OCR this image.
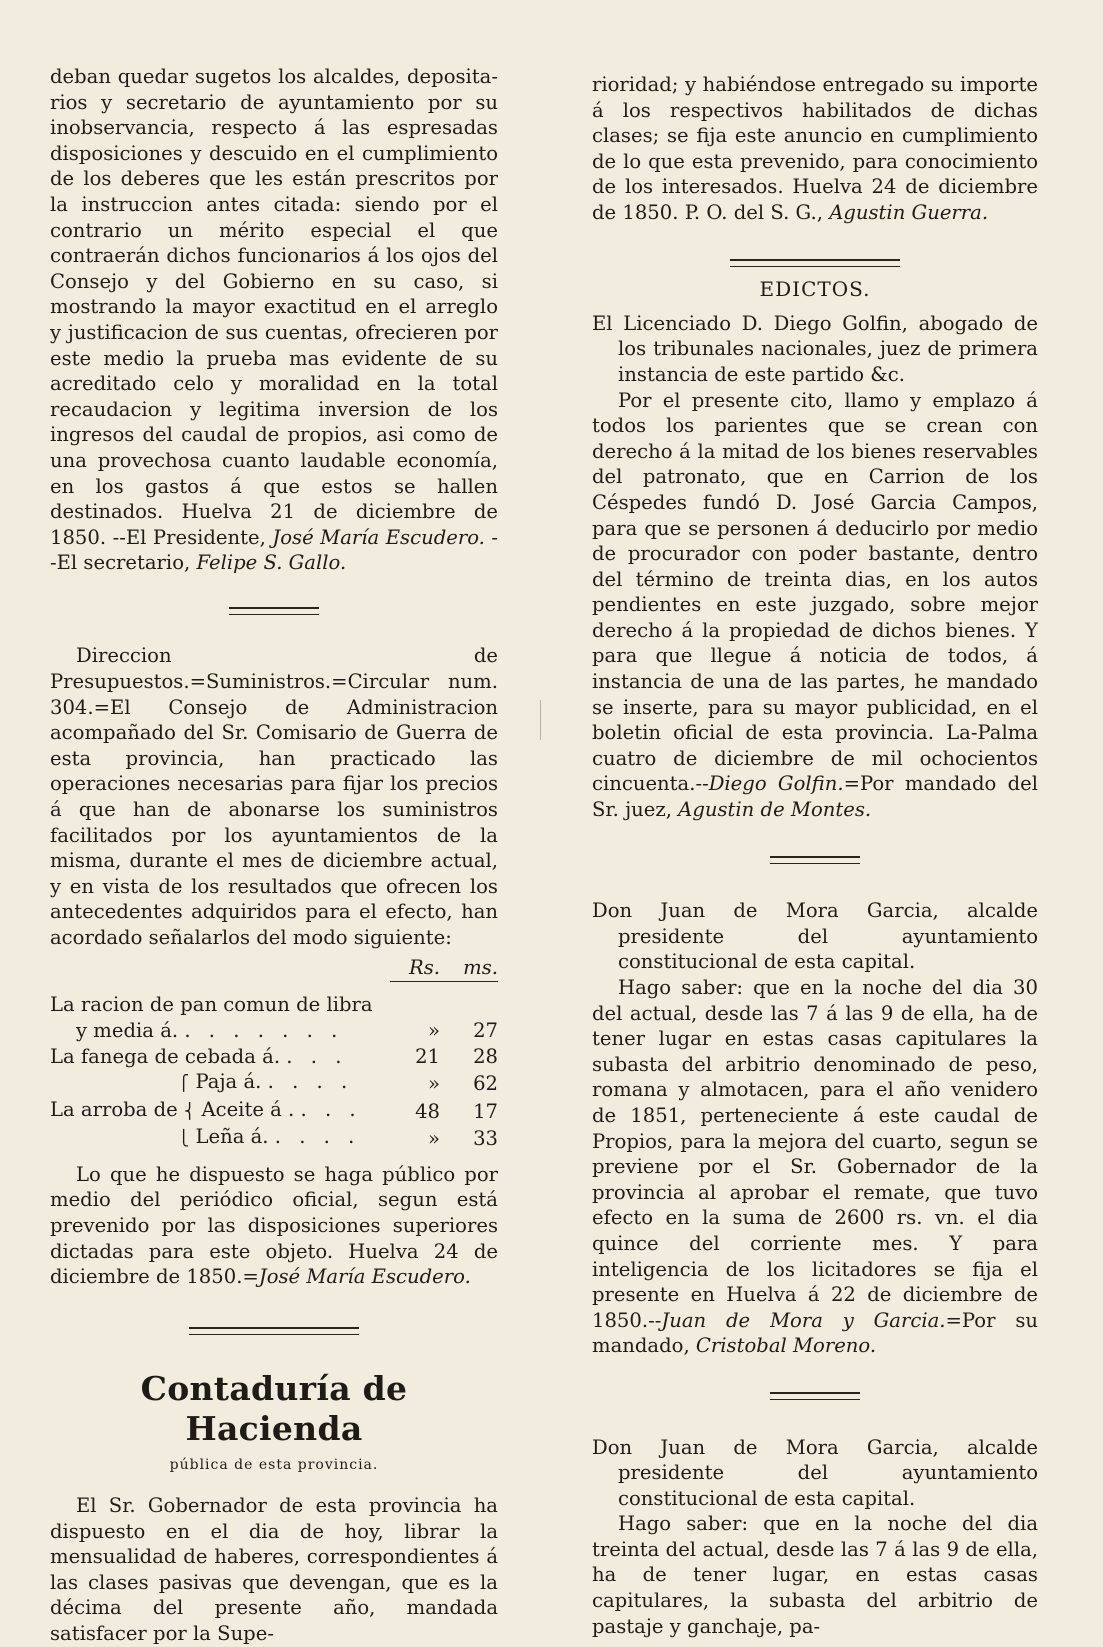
deban quedar sugetos los alcaldes, deposita-rios y secretario de ayuntamiento por su inobservancia, respecto á las espresadas disposiciones y descuido en el cumplimiento de los deberes que les están prescritos por la instruccion antes citada: siendo por el contrario un mérito especial el que contraerán dichos funcionarios á los ojos del Consejo y del Gobierno en su caso, si mostrando la mayor exactitud en el arreglo y justificacion de sus cuentas, ofrecieren por este medio la prueba mas evidente de su acreditado celo y moralidad en la total recaudacion y legitima inversion de los ingresos del caudal de propios, asi como de una provechosa cuanto laudable economía, en los gastos á que estos se hallen destinados. Huelva 21 de diciembre de 1850. --El Presidente, José María Escudero. --El secretario, Felipe S. Gallo.

Direccion de Presupuestos.=Suministros.=Circular num. 304.=El Consejo de Administracion acompañado del Sr. Comisario de Guerra de esta provincia, han practicado las operaciones necesarias para fijar los precios á que han de abonarse los suministros facilitados por los ayuntamientos de la misma, durante el mes de diciembre actual, y en vista de los resultados que ofrecen los antecedentes adquiridos para el efecto, han acordado señalarlos del modo siguiente:

	Rs.	ms.
La racion de pan comun de libra		
y media á. . . . . . . .	»	27
La fanega de cebada á. . . .	21	28
⎧ Paja á. . . . .	»	62
La arroba de ⎨ Aceite á . . . .	48	17
⎩ Leña á. . . . .	»	33

Lo que he dispuesto se haga público por medio del periódico oficial, segun está prevenido por las disposiciones superiores dictadas para este objeto. Huelva 24 de diciembre de 1850.=José María Escudero.

Contaduría de Hacienda
pública de esta provincia.

El Sr. Gobernador de esta provincia ha dispuesto en el dia de hoy, librar la mensualidad de haberes, correspondientes á las clases pasivas que devengan, que es la décima del presente año, mandada satisfacer por la Supe-

rioridad; y habiéndose entregado su importe á los respectivos habilitados de dichas clases; se fija este anuncio en cumplimiento de lo que esta prevenido, para conocimiento de los interesados. Huelva 24 de diciembre de 1850. P. O. del S. G., Agustin Guerra.

EDICTOS.

El Licenciado D. Diego Golfin, abogado de los tribunales nacionales, juez de primera instancia de este partido &c.

Por el presente cito, llamo y emplazo á todos los parientes que se crean con derecho á la mitad de los bienes reservables del patronato, que en Carrion de los Céspedes fundó D. José Garcia Campos, para que se personen á deducirlo por medio de procurador con poder bastante, dentro del término de treinta dias, en los autos pendientes en este juzgado, sobre mejor derecho á la propiedad de dichos bienes. Y para que llegue á noticia de todos, á instancia de una de las partes, he mandado se inserte, para su mayor publicidad, en el boletin oficial de esta provincia. La-Palma cuatro de diciembre de mil ochocientos cincuenta.--Diego Golfin.=Por mandado del Sr. juez, Agustin de Montes.

Don Juan de Mora Garcia, alcalde presidente del ayuntamiento constitucional de esta capital.

Hago saber: que en la noche del dia 30 del actual, desde las 7 á las 9 de ella, ha de tener lugar en estas casas capitulares la subasta del arbitrio denominado de peso, romana y almotacen, para el año venidero de 1851, perteneciente á este caudal de Propios, para la mejora del cuarto, segun se previene por el Sr. Gobernador de la provincia al aprobar el remate, que tuvo efecto en la suma de 2600 rs. vn. el dia quince del corriente mes. Y para inteligencia de los licitadores se fija el presente en Huelva á 22 de diciembre de 1850.--Juan de Mora y Garcia.=Por su mandado, Cristobal Moreno.

Don Juan de Mora Garcia, alcalde presidente del ayuntamiento constitucional de esta capital.

Hago saber: que en la noche del dia treinta del actual, desde las 7 á las 9 de ella, ha de tener lugar, en estas casas capitulares, la subasta del arbitrio de pastaje y ganchaje, pa-
